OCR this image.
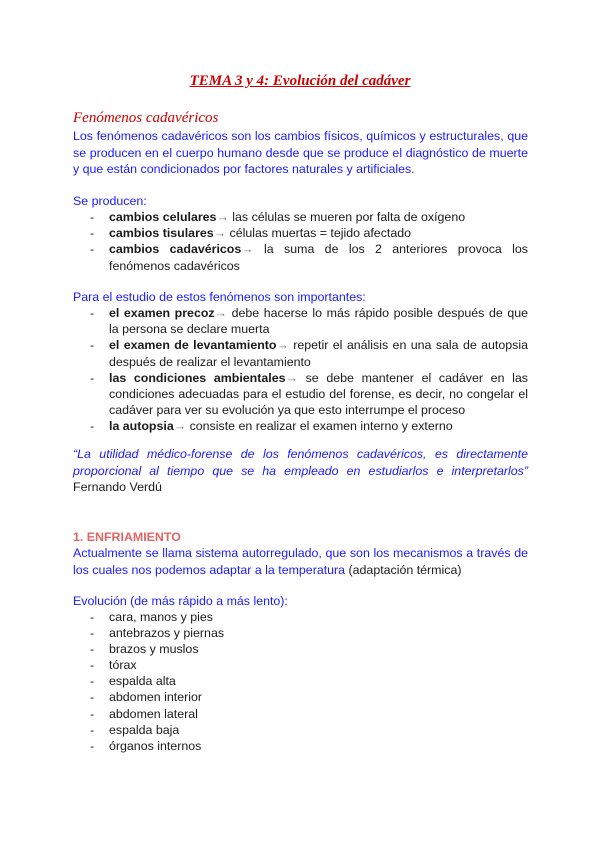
TEMA 3 y 4: Evolución del cadáver
Fenómenos cadavéricos
Los fenómenos cadavéricos son los cambios físicos, químicos y estructurales, que se producen en el cuerpo humano desde que se produce el diagnóstico de muerte y que están condicionados por factores naturales y artificiales.
Se producen:
- cambios celulares→ las células se mueren por falta de oxígeno
- cambios tisulares→ células muertas = tejido afectado
- cambios cadavéricos→ la suma de los 2 anteriores provoca los fenómenos cadavéricos
Para el estudio de estos fenómenos son importantes:
- el examen precoz→ debe hacerse lo más rápido posible después de que la persona se declare muerta
- el examen de levantamiento→ repetir el análisis en una sala de autopsia después de realizar el levantamiento
- las condiciones ambientales→ se debe mantener el cadáver en las condiciones adecuadas para el estudio del forense, es decir, no congelar el cadáver para ver su evolución ya que esto interrumpe el proceso
- la autopsia→ consiste en realizar el examen interno y externo
“La utilidad médico-forense de los fenómenos cadavéricos, es directamente proporcional al tiempo que se ha empleado en estudiarlos e interpretarlos” Fernando Verdú
1. ENFRIAMIENTO
Actualmente se llama sistema autorregulado, que son los mecanismos a través de los cuales nos podemos adaptar a la temperatura (adaptación térmica)
Evolución (de más rápido a más lento):
- cara, manos y pies
- antebrazos y piernas
- brazos y muslos
- tórax
- espalda alta
- abdomen interior
- abdomen lateral
- espalda baja
- órganos internos
